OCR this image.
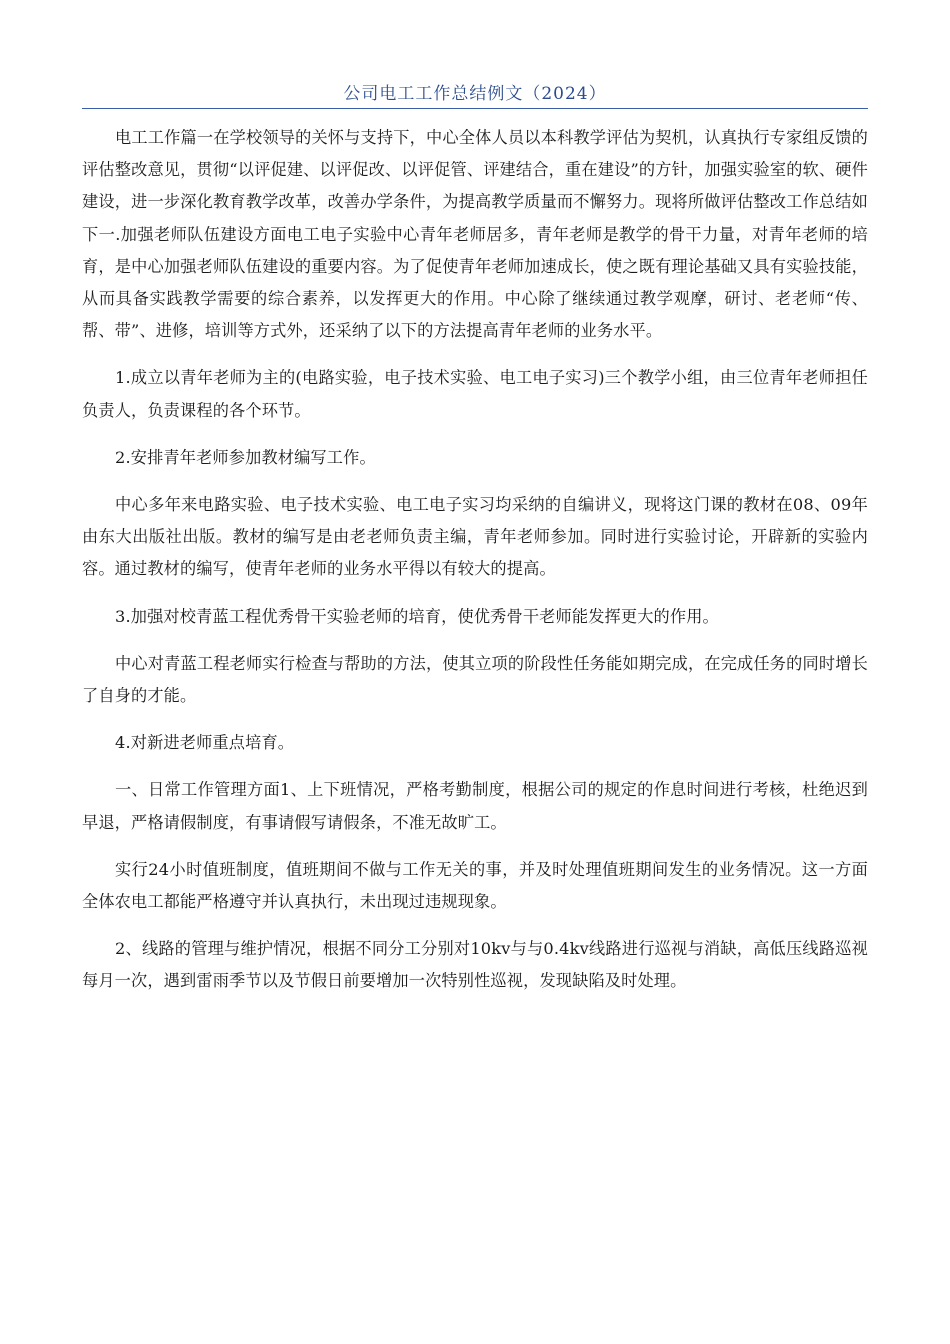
公司电工工作总结例文（2024）

电工工作篇一在学校领导的关怀与支持下，中心全体人员以本科教学评估为契机，认真执行专家组反馈的评估整改意见，贯彻“以评促建、以评促改、以评促管、评建结合，重在建设”的方针，加强实验室的软、硬件建设，进一步深化教育教学改革，改善办学条件，为提高教学质量而不懈努力。现将所做评估整改工作总结如下一.加强老师队伍建设方面电工电子实验中心青年老师居多，青年老师是教学的骨干力量，对青年老师的培育，是中心加强老师队伍建设的重要内容。为了促使青年老师加速成长，使之既有理论基础又具有实验技能，从而具备实践教学需要的综合素养，以发挥更大的作用。中心除了继续通过教学观摩，研讨、老老师“传、帮、带”、进修，培训等方式外，还采纳了以下的方法提高青年老师的业务水平。

1.成立以青年老师为主的(电路实验，电子技术实验、电工电子实习)三个教学小组，由三位青年老师担任负责人，负责课程的各个环节。

2.安排青年老师参加教材编写工作。

中心多年来电路实验、电子技术实验、电工电子实习均采纳的自编讲义，现将这门课的教材在08、09年由东大出版社出版。教材的编写是由老老师负责主编，青年老师参加。同时进行实验讨论，开辟新的实验内容。通过教材的编写，使青年老师的业务水平得以有较大的提高。

3.加强对校青蓝工程优秀骨干实验老师的培育，使优秀骨干老师能发挥更大的作用。

中心对青蓝工程老师实行检查与帮助的方法，使其立项的阶段性任务能如期完成，在完成任务的同时增长了自身的才能。

4.对新进老师重点培育。

一、日常工作管理方面1、上下班情况，严格考勤制度，根据公司的规定的作息时间进行考核，杜绝迟到早退，严格请假制度，有事请假写请假条，不准无故旷工。

实行24小时值班制度，值班期间不做与工作无关的事，并及时处理值班期间发生的业务情况。这一方面全体农电工都能严格遵守并认真执行，未出现过违规现象。

2、线路的管理与维护情况，根据不同分工分别对10kv与与0.4kv线路进行巡视与消缺，高低压线路巡视每月一次，遇到雷雨季节以及节假日前要增加一次特别性巡视，发现缺陷及时处理。
